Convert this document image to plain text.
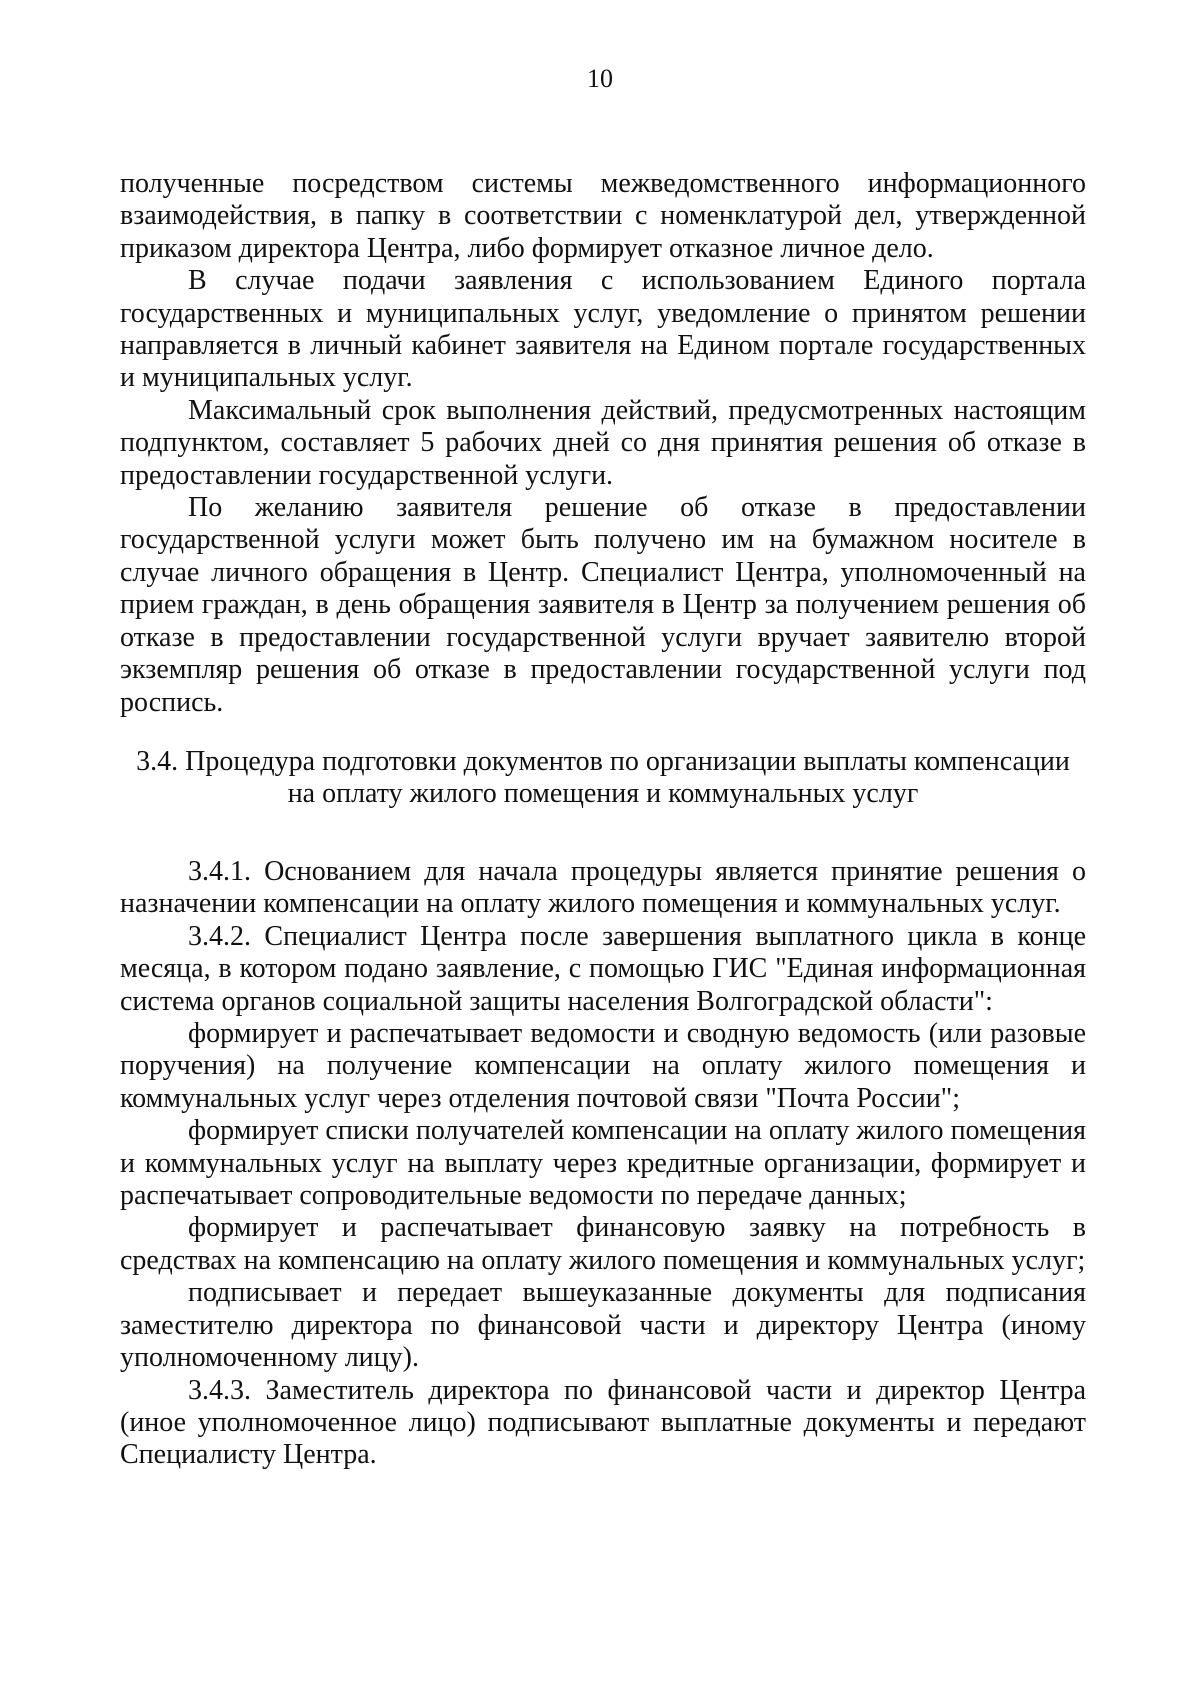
10

полученные посредством системы межведомственного информационного взаимодействия, в папку в соответствии с номенклатурой дел, утвержденной приказом директора Центра, либо формирует отказное личное дело.

В случае подачи заявления с использованием Единого портала государственных и муниципальных услуг, уведомление о принятом решении направляется в личный кабинет заявителя на Едином портале государственных и муниципальных услуг.

Максимальный срок выполнения действий, предусмотренных настоящим подпунктом, составляет 5 рабочих дней со дня принятия решения об отказе в предоставлении государственной услуги.

По желанию заявителя решение об отказе в предоставлении государственной услуги может быть получено им на бумажном носителе в случае личного обращения в Центр. Специалист Центра, уполномоченный на прием граждан, в день обращения заявителя в Центр за получением решения об отказе в предоставлении государственной услуги вручает заявителю второй экземпляр решения об отказе в предоставлении государственной услуги под роспись.

3.4. Процедура подготовки документов по организации выплаты компенсации
на оплату жилого помещения и коммунальных услуг

3.4.1. Основанием для начала процедуры является принятие решения о назначении компенсации на оплату жилого помещения и коммунальных услуг.

3.4.2. Специалист Центра после завершения выплатного цикла в конце месяца, в котором подано заявление, с помощью ГИС "Единая информационная система органов социальной защиты населения Волгоградской области":

формирует и распечатывает ведомости и сводную ведомость (или разовые поручения) на получение компенсации на оплату жилого помещения и коммунальных услуг через отделения почтовой связи "Почта России";

формирует списки получателей компенсации на оплату жилого помещения и коммунальных услуг на выплату через кредитные организации, формирует и распечатывает сопроводительные ведомости по передаче данных;

формирует и распечатывает финансовую заявку на потребность в средствах на компенсацию на оплату жилого помещения и коммунальных услуг;

подписывает и передает вышеуказанные документы для подписания заместителю директора по финансовой части и директору Центра (иному уполномоченному лицу).

3.4.3. Заместитель директора по финансовой части и директор Центра (иное уполномоченное лицо) подписывают выплатные документы и передают Специалисту Центра.
